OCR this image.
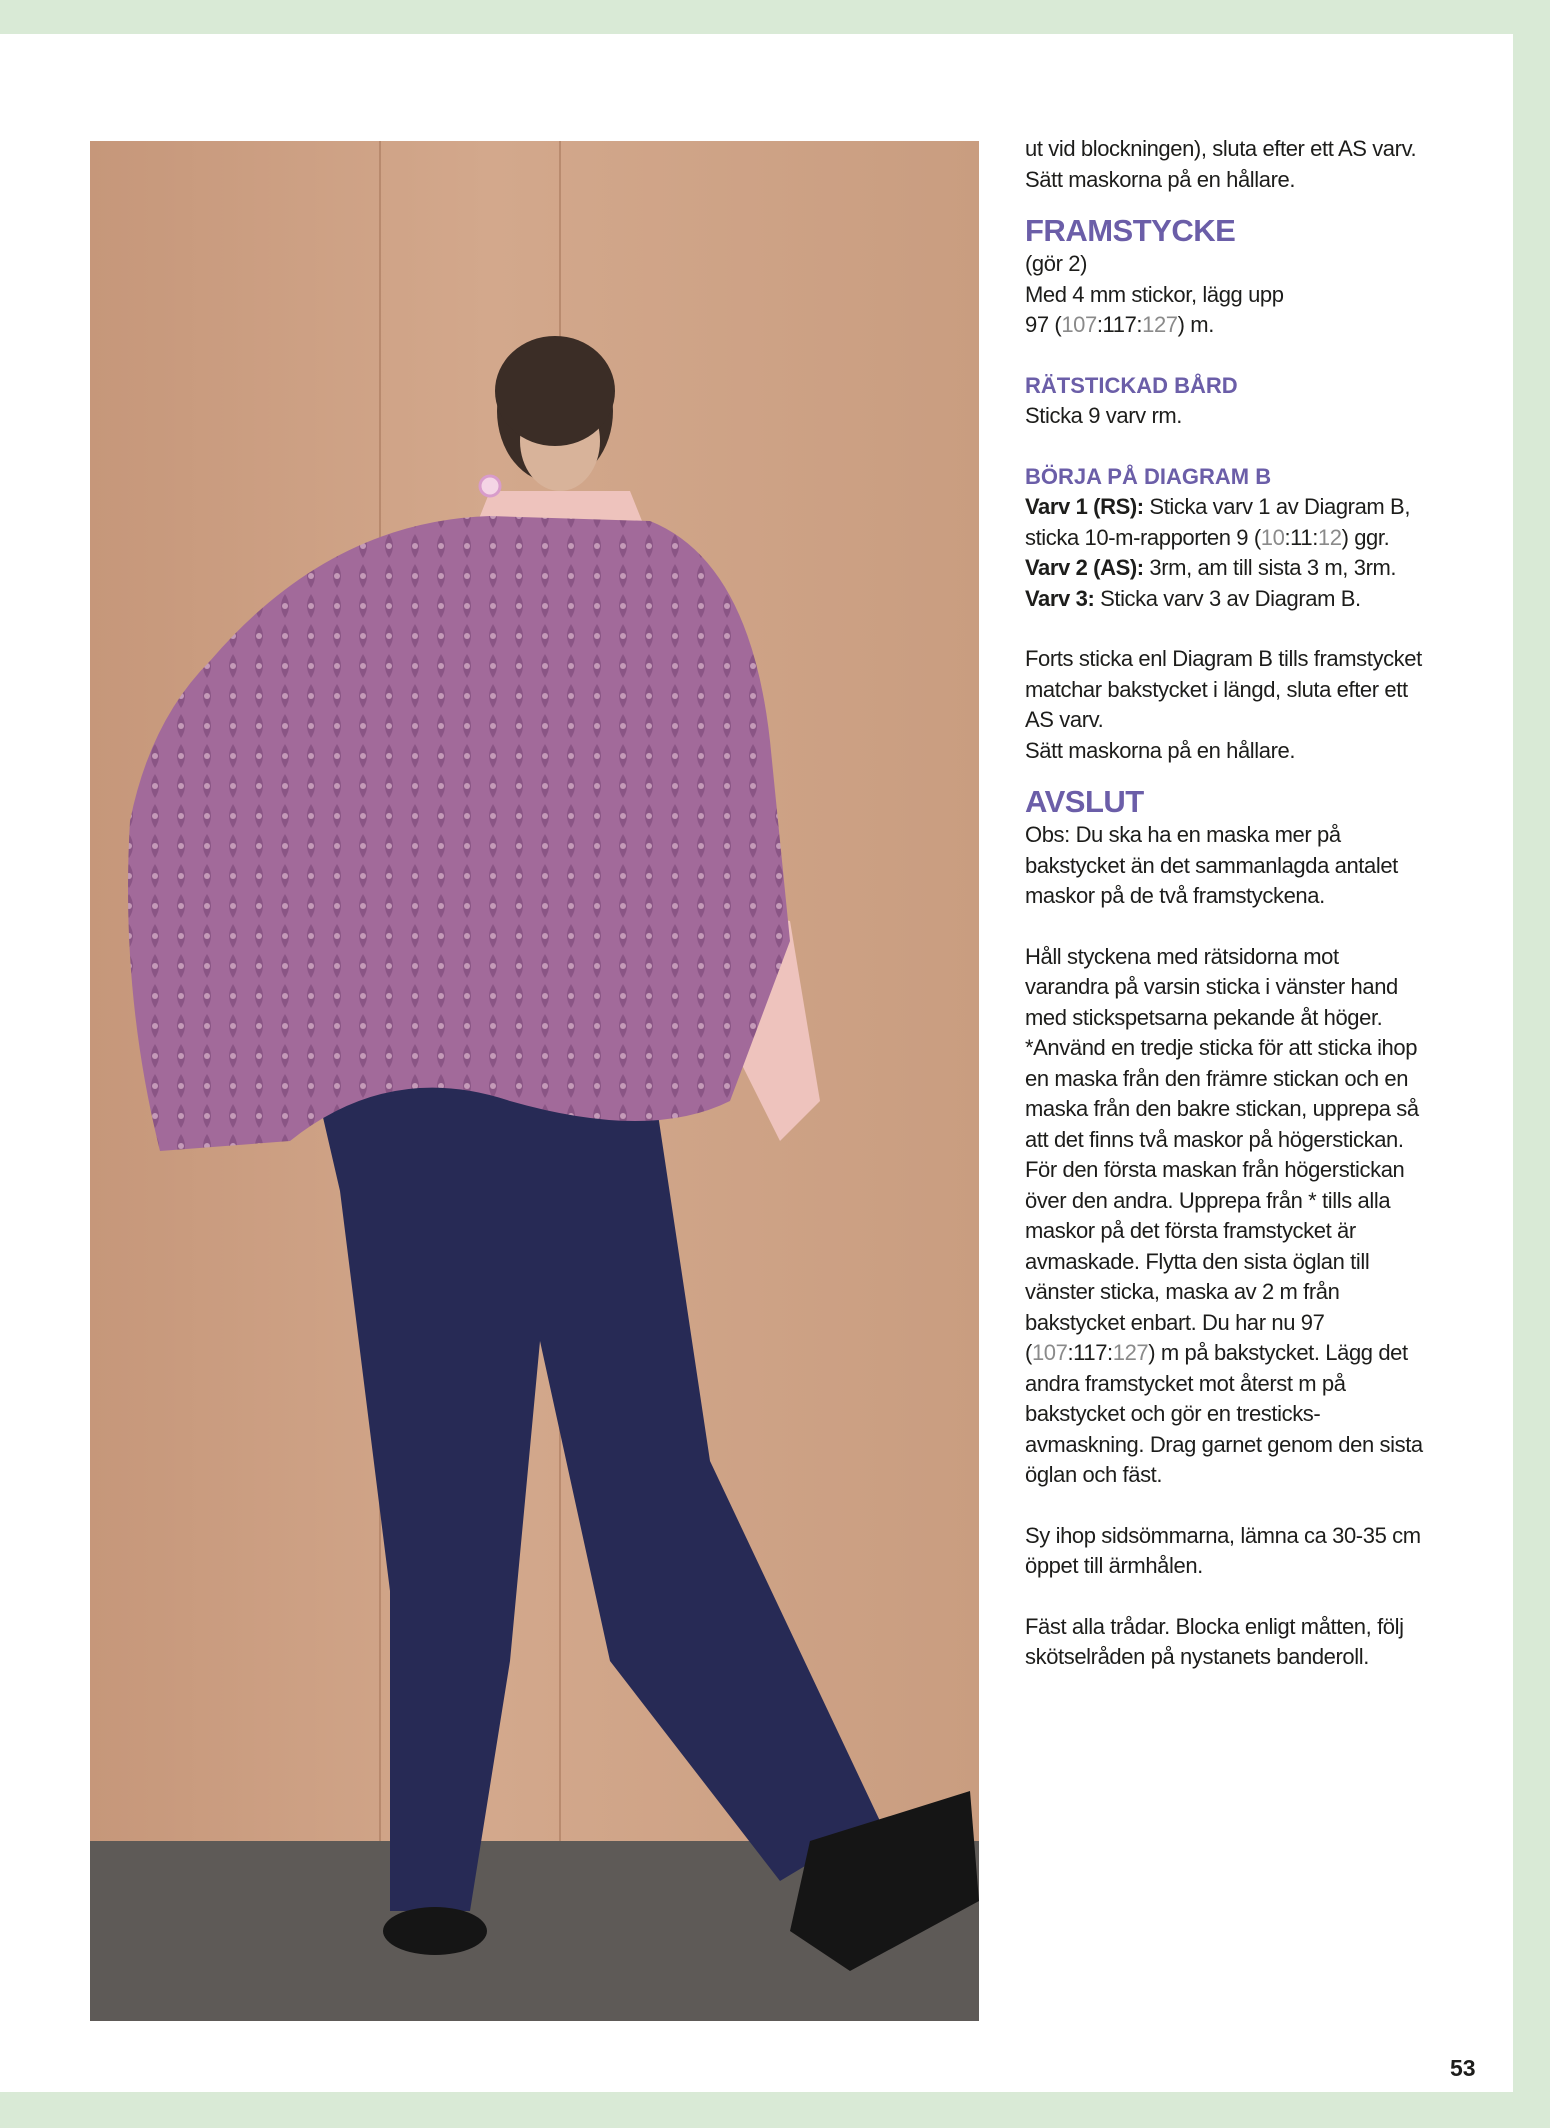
ut vid blockningen), sluta efter ett AS varv.

Sätt maskorna på en hållare.

FRAMSTYCKE

(gör 2)

Med 4 mm stickor, lägg upp

97 (107:117:127) m.

RÄTSTICKAD BÅRD

Sticka 9 varv rm.

BÖRJA PÅ DIAGRAM B

Varv 1 (RS): Sticka varv 1 av Diagram B,

sticka 10-m-rapporten 9 (10:11:12) ggr.

Varv 2 (AS): 3rm, am till sista 3 m, 3rm.

Varv 3: Sticka varv 3 av Diagram B.

Forts sticka enl Diagram B tills framstycket

matchar bakstycket i längd, sluta efter ett

AS varv.

Sätt maskorna på en hållare.

AVSLUT

Obs: Du ska ha en maska mer på

bakstycket än det sammanlagda antalet

maskor på de två framstyckena.

Håll styckena med rätsidorna mot

varandra på varsin sticka i vänster hand

med stickspetsarna pekande åt höger.

*Använd en tredje sticka för att sticka ihop

en maska från den främre stickan och en

maska från den bakre stickan, upprepa så

att det finns två maskor på högerstickan.

För den första maskan från högerstickan

över den andra. Upprepa från * tills alla

maskor på det första framstycket är

avmaskade. Flytta den sista öglan till

vänster sticka, maska av 2 m från

bakstycket enbart. Du har nu 97

(107:117:127) m på bakstycket. Lägg det

andra framstycket mot återst m på

bakstycket och gör en tresticks-

avmaskning. Drag garnet genom den sista

öglan och fäst.

Sy ihop sidsömmarna, lämna ca 30-35 cm

öppet till ärmhålen.

Fäst alla trådar. Blocka enligt måtten, följ

skötselråden på nystanets banderoll.

53
